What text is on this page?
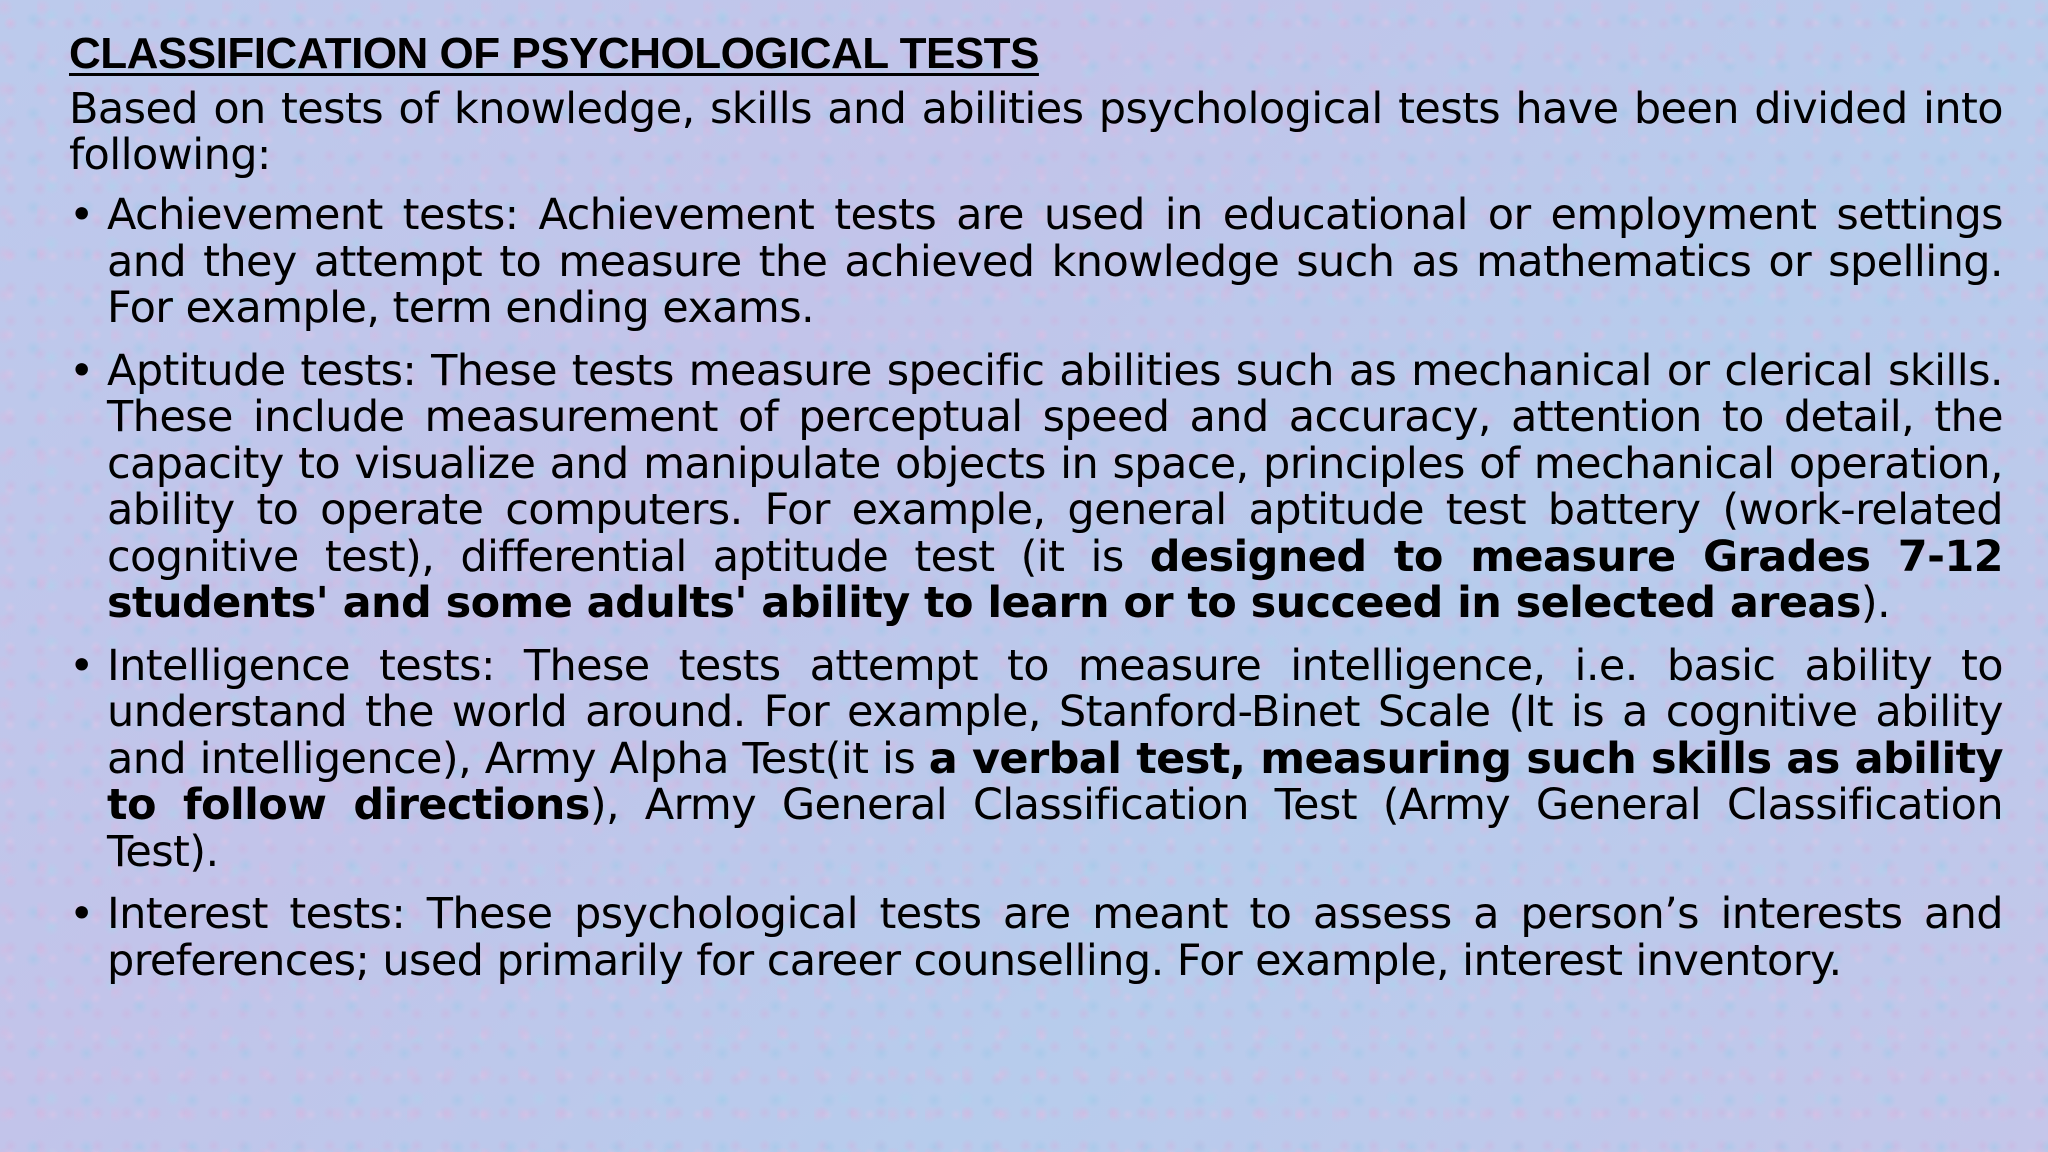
CLASSIFICATION OF PSYCHOLOGICAL TESTS

Based on tests of knowledge, skills and abilities psychological tests have been divided into following:

• Achievement tests: Achievement tests are used in educational or employment settings and they attempt to measure the achieved knowledge such as mathematics or spelling. For example, term ending exams.
• Aptitude tests: These tests measure specific abilities such as mechanical or clerical skills. These include measurement of perceptual speed and accuracy, attention to detail, the capacity to visualize and manipulate objects in space, principles of mechanical operation, ability to operate computers. For example, general aptitude test battery (work-related cognitive test), differential aptitude test (it is designed to measure Grades 7-12 students' and some adults' ability to learn or to succeed in selected areas).
• Intelligence tests: These tests attempt to measure intelligence, i.e. basic ability to understand the world around. For example, Stanford-Binet Scale (It is a cognitive ability and intelligence), Army Alpha Test(it is a verbal test, measuring such skills as ability to follow directions), Army General Classification Test (Army General Classification Test).
• Interest tests: These psychological tests are meant to assess a person’s interests and preferences; used primarily for career counselling. For example, interest inventory.
